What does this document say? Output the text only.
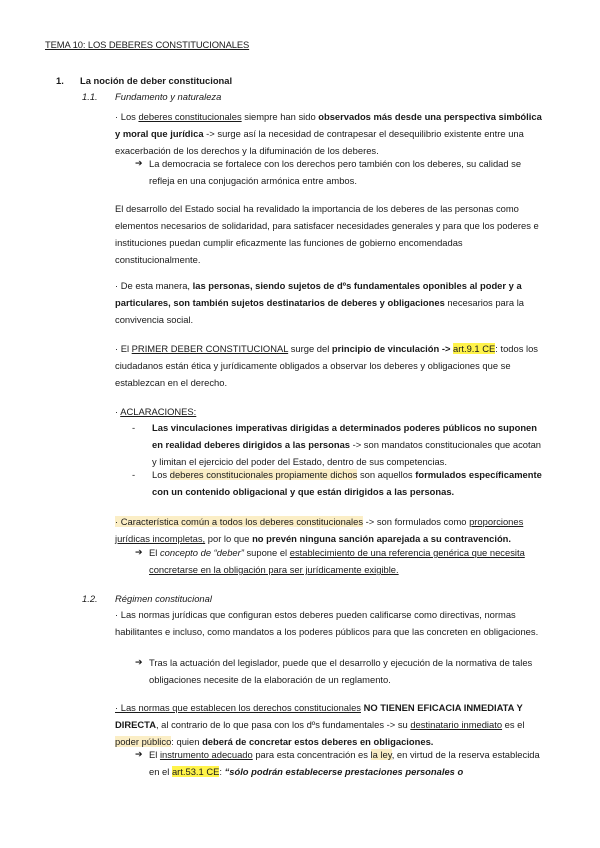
TEMA 10: LOS DEBERES CONSTITUCIONALES
1. La noción de deber constitucional
1.1. Fundamento y naturaleza
· Los deberes constitucionales siempre han sido observados más desde una perspectiva simbólica y moral que jurídica -> surge así la necesidad de contrapesar el desequilibrio existente entre una exacerbación de los derechos y la difuminación de los deberes.
➔ La democracia se fortalece con los derechos pero también con los deberes, su calidad se refleja en una conjugación armónica entre ambos.
El desarrollo del Estado social ha revalidado la importancia de los deberes de las personas como elementos necesarios de solidaridad, para satisfacer necesidades generales y para que los poderes e instituciones puedan cumplir eficazmente las funciones de gobierno encomendadas constitucionalmente.
· De esta manera, las personas, siendo sujetos de dºs fundamentales oponibles al poder y a particulares, son también sujetos destinatarios de deberes y obligaciones necesarios para la convivencia social.
· El PRIMER DEBER CONSTITUCIONAL surge del principio de vinculación -> art.9.1 CE: todos los ciudadanos están ética y jurídicamente obligados a observar los deberes y obligaciones que se establezcan en el derecho.
· ACLARACIONES:
-	Las vinculaciones imperativas dirigidas a determinados poderes públicos no suponen en realidad deberes dirigidos a las personas -> son mandatos constitucionales que acotan y limitan el ejercicio del poder del Estado, dentro de sus competencias.
-	Los deberes constitucionales propiamente dichos son aquellos formulados específicamente con un contenido obligacional y que están dirigidos a las personas.
· Característica común a todos los deberes constitucionales -> son formulados como proporciones jurídicas incompletas, por lo que no prevén ninguna sanción aparejada a su contravención.
➔ El concepto de “deber” supone el establecimiento de una referencia genérica que necesita concretarse en la obligación para ser jurídicamente exigible.
1.2. Régimen constitucional
· Las normas jurídicas que configuran estos deberes pueden calificarse como directivas, normas habilitantes e incluso, como mandatos a los poderes públicos para que las concreten en obligaciones.
➔ Tras la actuación del legislador, puede que el desarrollo y ejecución de la normativa de tales obligaciones necesite de la elaboración de un reglamento.
· Las normas que establecen los derechos constitucionales NO TIENEN EFICACIA INMEDIATA Y DIRECTA, al contrario de lo que pasa con los dºs fundamentales -> su destinatario inmediato es el poder público: quien deberá de concretar estos deberes en obligaciones.
➔ El instrumento adecuado para esta concentración es la ley, en virtud de la reserva establecida en el art.53.1 CE: “sólo podrán establecerse prestaciones personales o
